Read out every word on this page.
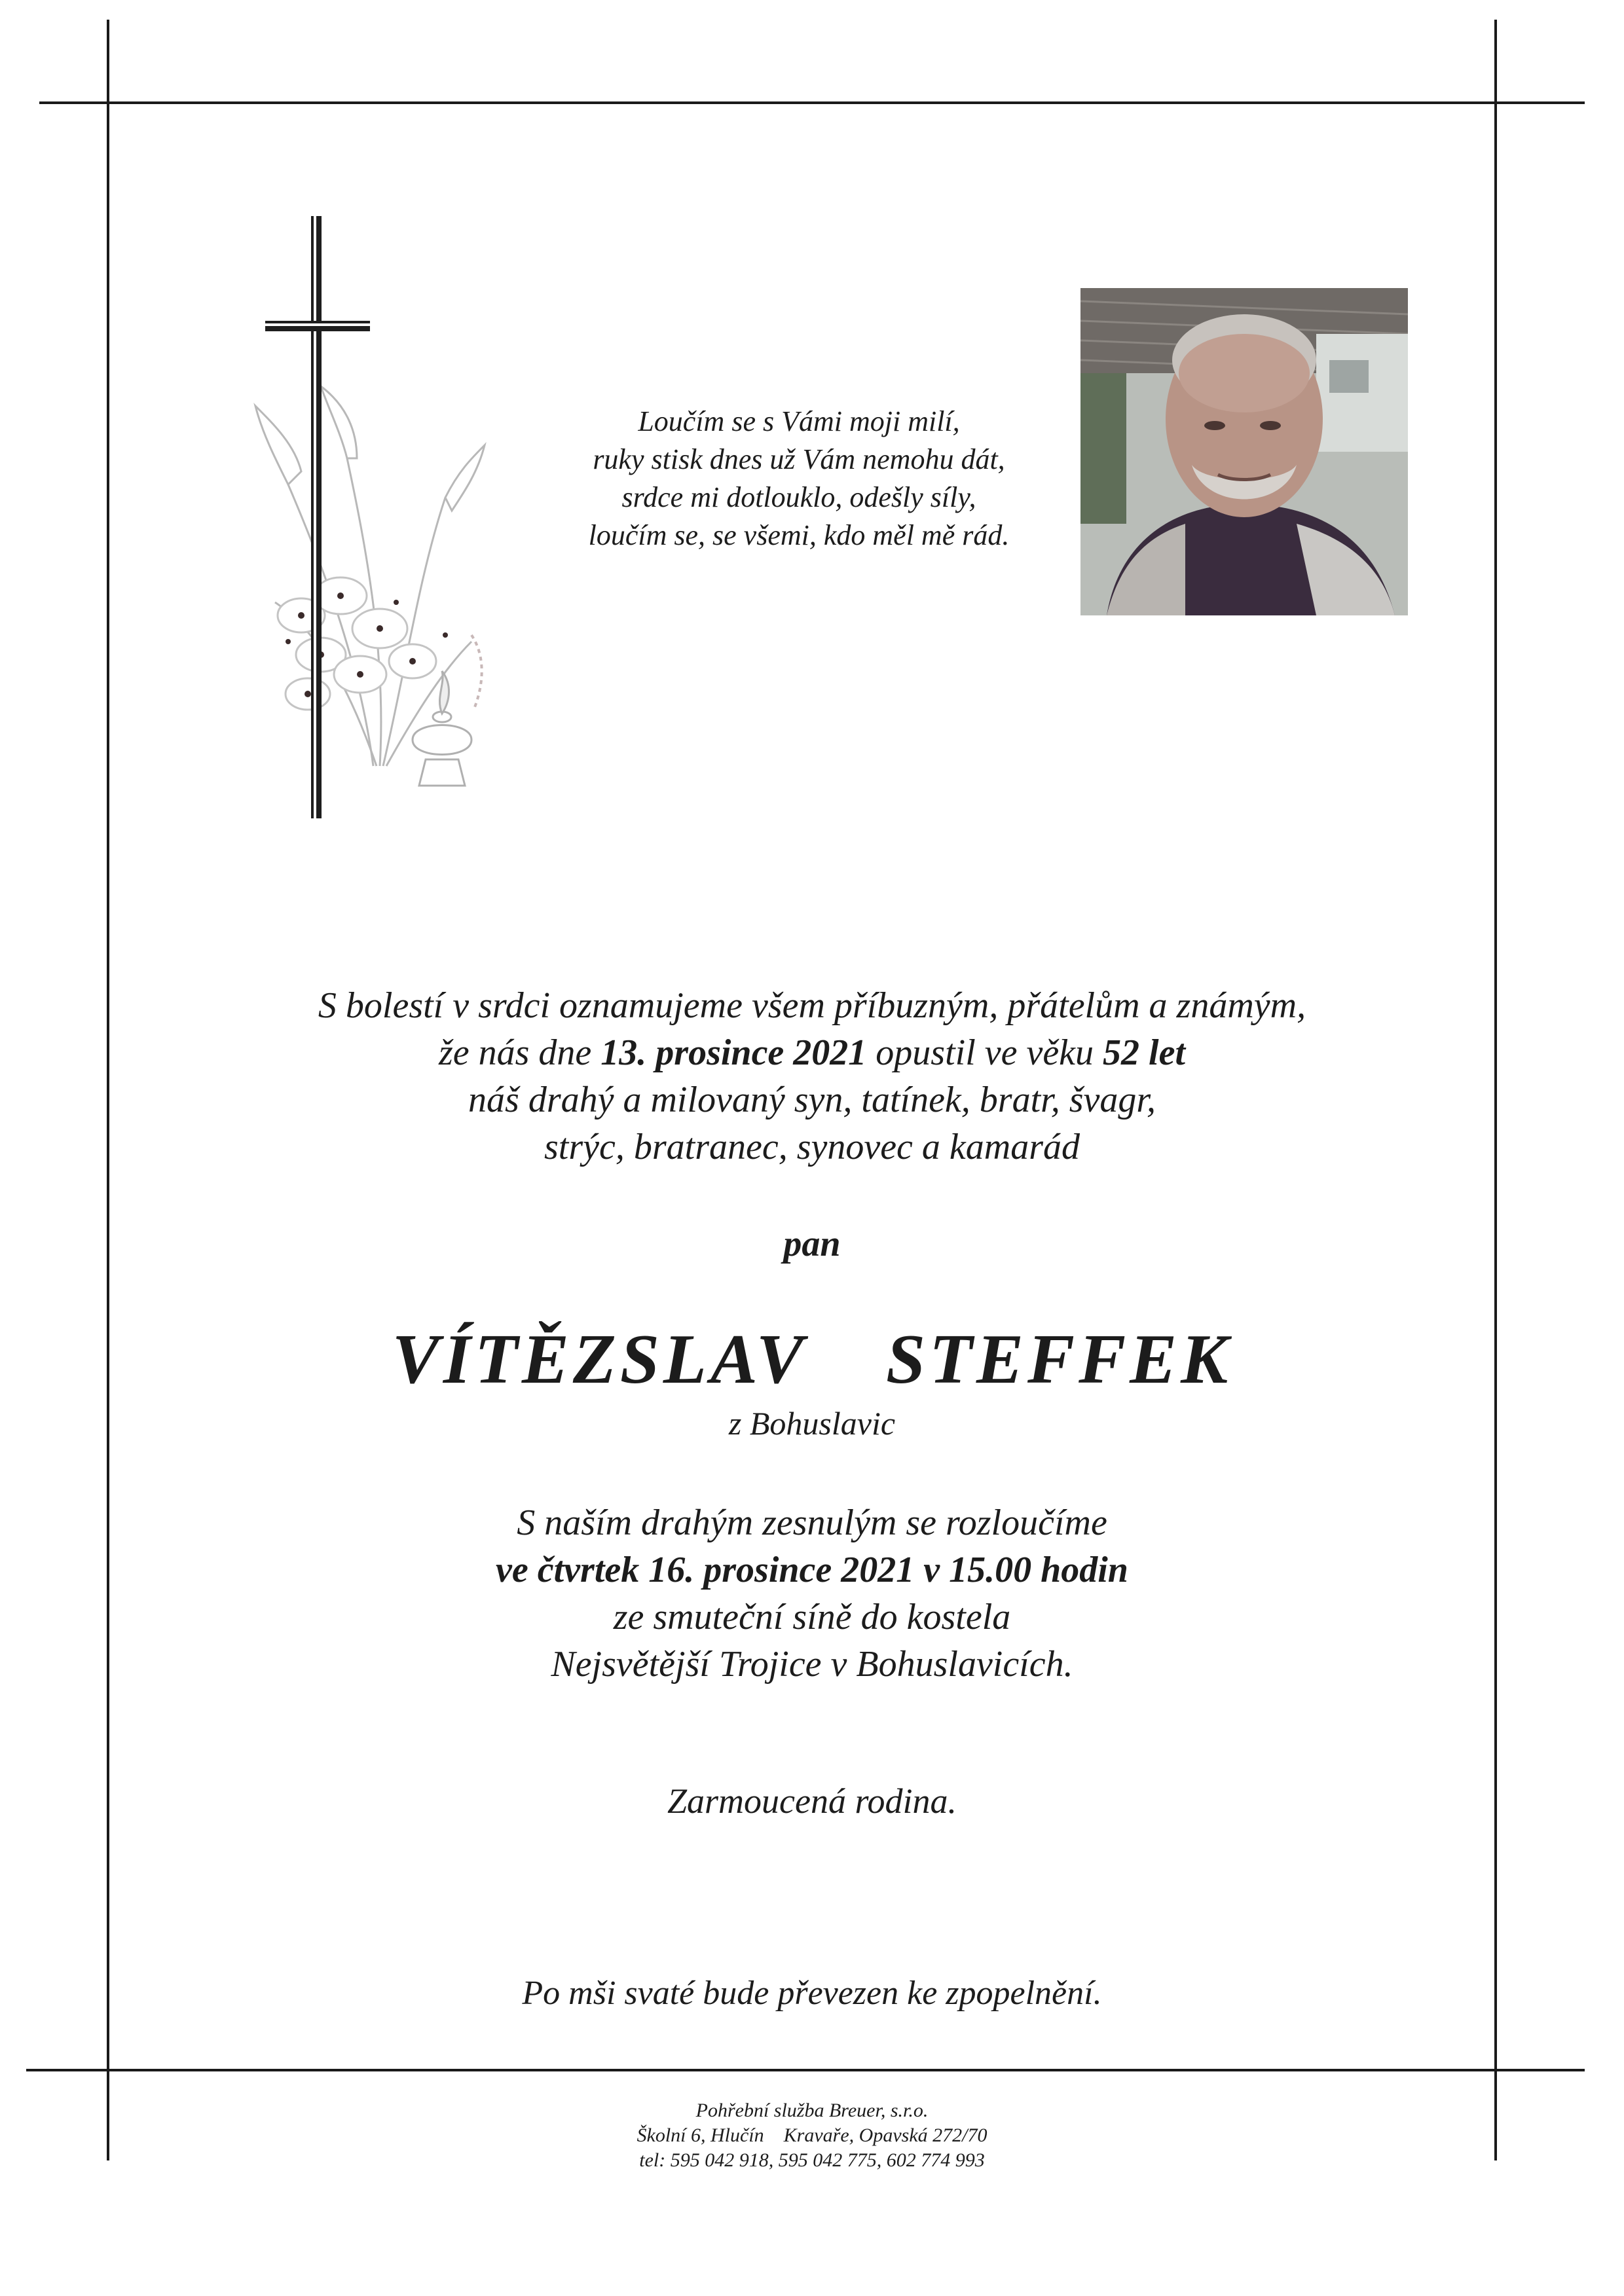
Loučím se s Vámi moji milí,

ruky stisk dnes už Vám nemohu dát,

srdce mi dotlouklo, odešly síly,

loučím se, se všemi, kdo měl mě rád.

S bolestí v srdci oznamujeme všem příbuzným, přátelům a známým,

že nás dne 13. prosince 2021 opustil ve věku 52 let

náš drahý a milovaný syn, tatínek, bratr, švagr,

strýc, bratranec, synovec a kamarád

pan
VÍTĚZSLAV  STEFFEK
z Bohuslavic

S naším drahým zesnulým se rozloučíme

ve čtvrtek 16. prosince 2021 v 15.00 hodin

ze smuteční síně do kostela

Nejsvětější Trojice v Bohuslavicích.

Zarmoucená rodina.
Po mši svaté bude převezen ke zpopelnění.

Pohřební služba Breuer, s.r.o.

Školní 6, Hlučín    Kravaře, Opavská 272/70

tel: 595 042 918, 595 042 775, 602 774 993
